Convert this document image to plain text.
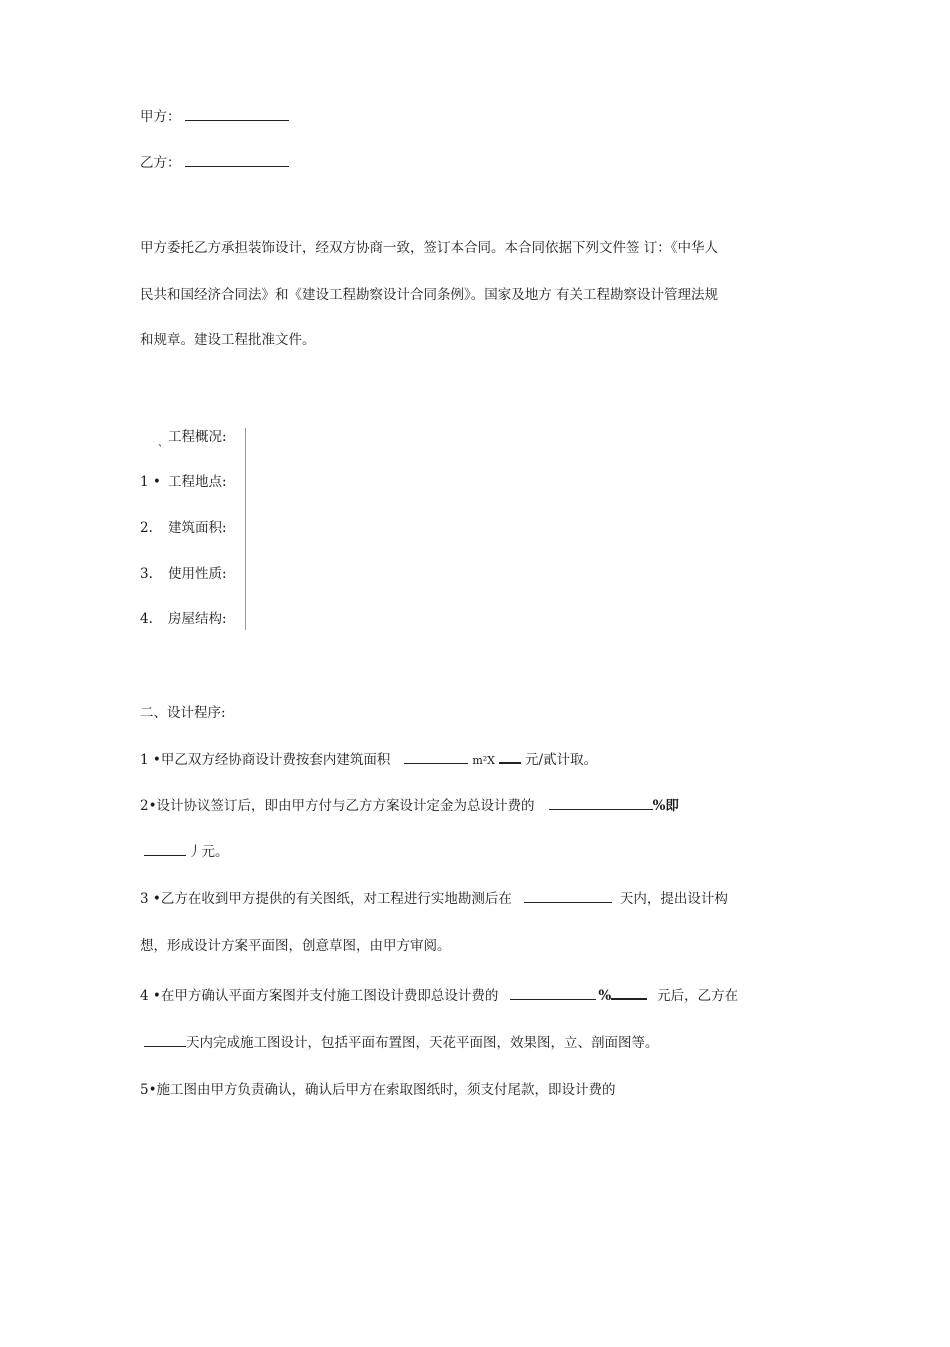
甲方：
乙方：
甲方委托乙方承担装饰设计，经双方协商一致，签订本合同。本合同依据下列文件签 订：《中华人
民共和国经济合同法》和《建设工程勘察设计合同条例》。国家及地方 有关工程勘察设计管理法规
和规章。建设工程批准文件。
$_、$工程概况:
1 • 工程地点:
2. 建筑面积:
3. 使用性质:
4. 房屋结构:
二、设计程序:
1 •甲乙双方经协商设计费按套内建筑面积	m²X 元/貳计取。
2•设计协议签订后，即由甲方付与乙方方案设计定金为总设计费的	%即
丿元。
3 •乙方在收到甲方提供的有关图纸，对工程进行实地勘测后在	天内，提出设计构
想，形成设计方案平面图，创意草图，由甲方审阅。
4 •在甲方确认平面方案图并支付施工图设计费即总设计费的	%	元后，乙方在
天内完成施工图设计，包括平面布置图，天花平面图，效果图，立、剖面图等。
5•施工图由甲方负责确认，确认后甲方在索取图纸时，须支付尾款，即设计费的
